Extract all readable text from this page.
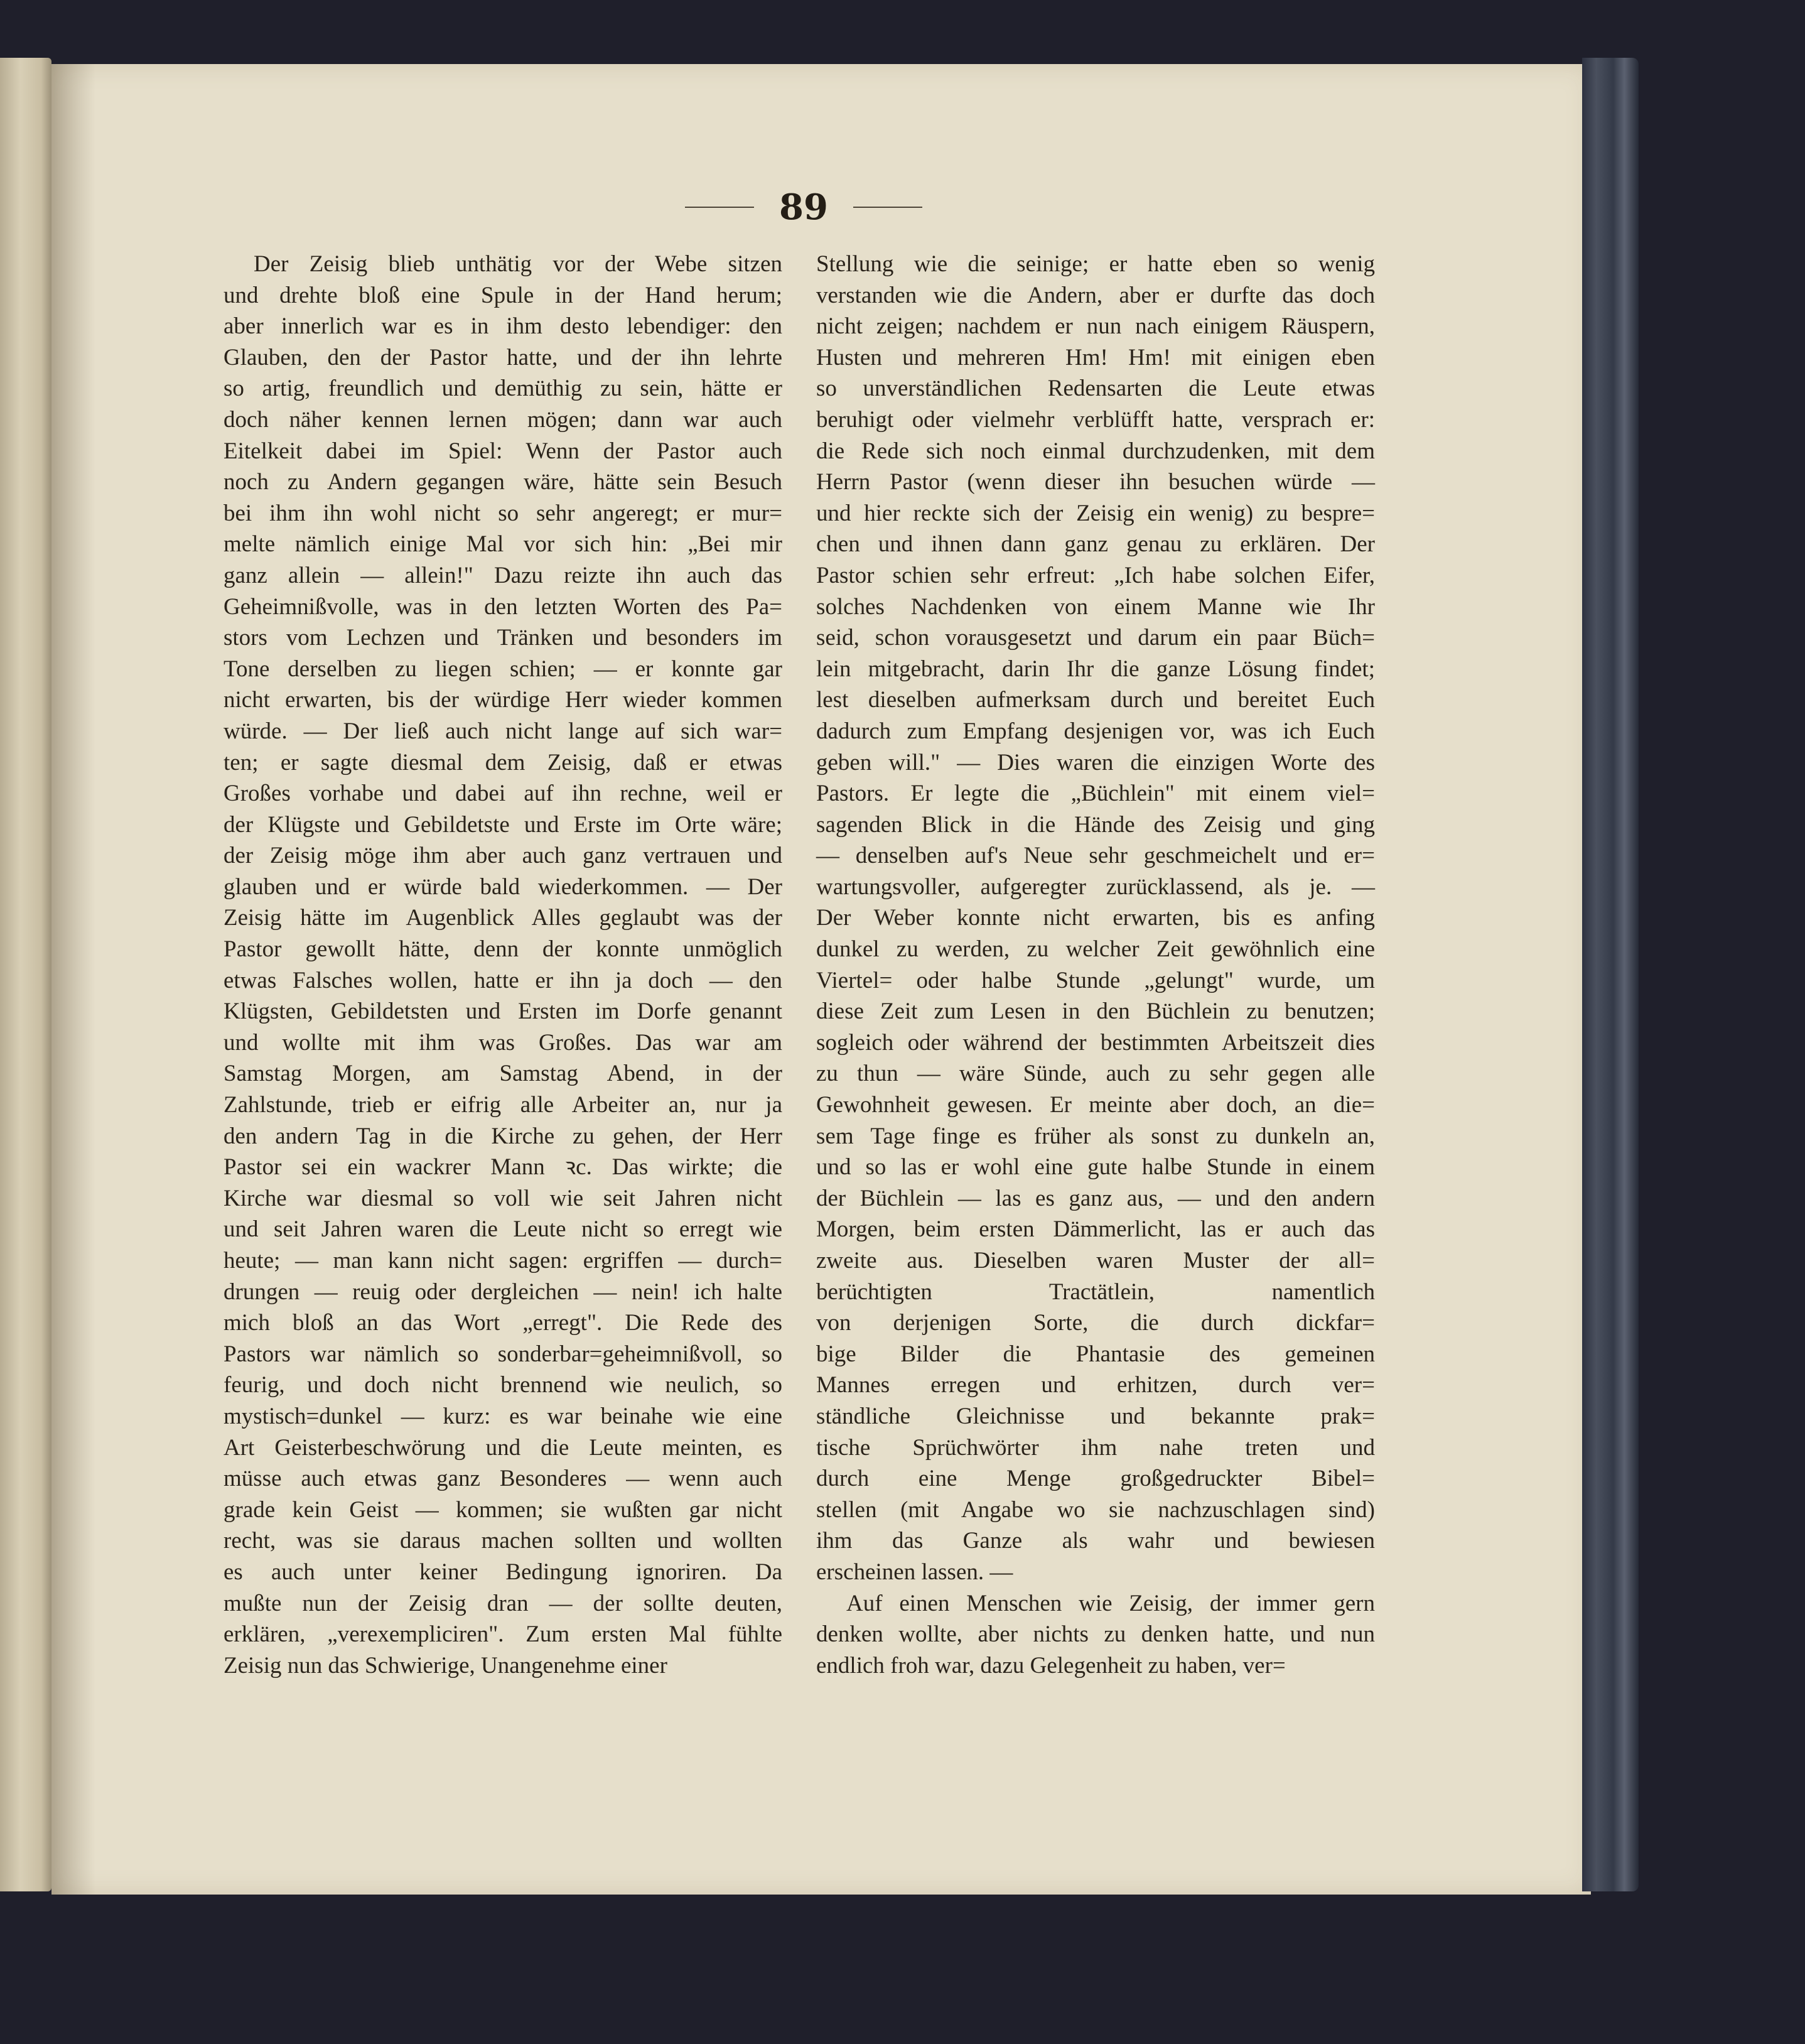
89
Der Zeisig blieb unthätig vor der Webe sitzen
und drehte bloß eine Spule in der Hand herum;
aber innerlich war es in ihm desto lebendiger: den
Glauben, den der Pastor hatte, und der ihn lehrte
so artig, freundlich und demüthig zu sein, hätte er
doch näher kennen lernen mögen; dann war auch
Eitelkeit dabei im Spiel: Wenn der Pastor auch
noch zu Andern gegangen wäre, hätte sein Besuch
bei ihm ihn wohl nicht so sehr angeregt; er mur=
melte nämlich einige Mal vor sich hin: „Bei mir
ganz allein — allein!" Dazu reizte ihn auch das
Geheimnißvolle, was in den letzten Worten des Pa=
stors vom Lechzen und Tränken und besonders im
Tone derselben zu liegen schien; — er konnte gar
nicht erwarten, bis der würdige Herr wieder kommen
würde. — Der ließ auch nicht lange auf sich war=
ten; er sagte diesmal dem Zeisig, daß er etwas
Großes vorhabe und dabei auf ihn rechne, weil er
der Klügste und Gebildetste und Erste im Orte wäre;
der Zeisig möge ihm aber auch ganz vertrauen und
glauben und er würde bald wiederkommen. — Der
Zeisig hätte im Augenblick Alles geglaubt was der
Pastor gewollt hätte, denn der konnte unmöglich
etwas Falsches wollen, hatte er ihn ja doch — den
Klügsten, Gebildetsten und Ersten im Dorfe genannt
und wollte mit ihm was Großes. Das war am
Samstag Morgen, am Samstag Abend, in der
Zahlstunde, trieb er eifrig alle Arbeiter an, nur ja
den andern Tag in die Kirche zu gehen, der Herr
Pastor sei ein wackrer Mann ꝛc. Das wirkte; die
Kirche war diesmal so voll wie seit Jahren nicht
und seit Jahren waren die Leute nicht so erregt wie
heute; — man kann nicht sagen: ergriffen — durch=
drungen — reuig oder dergleichen — nein! ich halte
mich bloß an das Wort „erregt". Die Rede des
Pastors war nämlich so sonderbar=geheimnißvoll, so
feurig, und doch nicht brennend wie neulich, so
mystisch=dunkel — kurz: es war beinahe wie eine
Art Geisterbeschwörung und die Leute meinten, es
müsse auch etwas ganz Besonderes — wenn auch
grade kein Geist — kommen; sie wußten gar nicht
recht, was sie daraus machen sollten und wollten
es auch unter keiner Bedingung ignoriren. Da
mußte nun der Zeisig dran — der sollte deuten,
erklären, „verexempliciren". Zum ersten Mal fühlte
Zeisig nun das Schwierige, Unangenehme einer
Stellung wie die seinige; er hatte eben so wenig
verstanden wie die Andern, aber er durfte das doch
nicht zeigen; nachdem er nun nach einigem Räuspern,
Husten und mehreren Hm! Hm! mit einigen eben
so unverständlichen Redensarten die Leute etwas
beruhigt oder vielmehr verblüfft hatte, versprach er:
die Rede sich noch einmal durchzudenken, mit dem
Herrn Pastor (wenn dieser ihn besuchen würde —
und hier reckte sich der Zeisig ein wenig) zu bespre=
chen und ihnen dann ganz genau zu erklären. Der
Pastor schien sehr erfreut: „Ich habe solchen Eifer,
solches Nachdenken von einem Manne wie Ihr
seid, schon vorausgesetzt und darum ein paar Büch=
lein mitgebracht, darin Ihr die ganze Lösung findet;
lest dieselben aufmerksam durch und bereitet Euch
dadurch zum Empfang desjenigen vor, was ich Euch
geben will." — Dies waren die einzigen Worte des
Pastors. Er legte die „Büchlein" mit einem viel=
sagenden Blick in die Hände des Zeisig und ging
— denselben auf's Neue sehr geschmeichelt und er=
wartungsvoller, aufgeregter zurücklassend, als je. —
Der Weber konnte nicht erwarten, bis es anfing
dunkel zu werden, zu welcher Zeit gewöhnlich eine
Viertel= oder halbe Stunde „gelungt" wurde, um
diese Zeit zum Lesen in den Büchlein zu benutzen;
sogleich oder während der bestimmten Arbeitszeit dies
zu thun — wäre Sünde, auch zu sehr gegen alle
Gewohnheit gewesen. Er meinte aber doch, an die=
sem Tage finge es früher als sonst zu dunkeln an,
und so las er wohl eine gute halbe Stunde in einem
der Büchlein — las es ganz aus, — und den andern
Morgen, beim ersten Dämmerlicht, las er auch das
zweite aus. Dieselben waren Muster der all=
berüchtigten Tractätlein, namentlich
von derjenigen Sorte, die durch dickfar=
bige Bilder die Phantasie des gemeinen
Mannes erregen und erhitzen, durch ver=
ständliche Gleichnisse und bekannte prak=
tische Sprüchwörter ihm nahe treten und
durch eine Menge großgedruckter Bibel=
stellen (mit Angabe wo sie nachzuschlagen sind)
ihm das Ganze als wahr und bewiesen
erscheinen lassen. —
Auf einen Menschen wie Zeisig, der immer gern
denken wollte, aber nichts zu denken hatte, und nun
endlich froh war, dazu Gelegenheit zu haben, ver=
